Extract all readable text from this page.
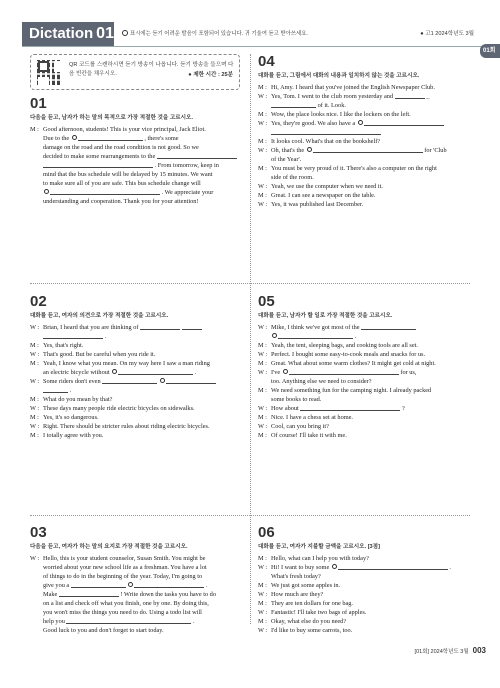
Dictation 01	표시에는 듣기 어려운 발음이 포함되어 있습니다. 귀 기울여 듣고 받아쓰세요.	● 고1 2024학년도 3월
01회
QR 코드를 스캔하시면 듣기 방송이 나옵니다. 듣기 방송을 들으며 다음 빈칸을 채우시오.	● 제한 시간 : 25분
01
다음을 듣고, 남자가 하는 말의 목적으로 가장 적절한 것을 고르시오.
M : Good afternoon, students! This is your vice principal, Jack Eliot.
Due to the	, there's some
damage on the road and the road condition is not good. So we
decided to make some rearrangements to the
. From tomorrow, keep in
mind that the bus schedule will be delayed by 15 minutes. We want
to make sure all of you are safe. This bus schedule change will
. We appreciate your
understanding and cooperation. Thank you for your attention!
04
대화를 듣고, 그림에서 대화의 내용과 일치하지 않는 것을 고르시오.
M : Hi, Amy. I heard that you've joined the English Newspaper Club.
W : Yes, Tom. I went to the club room yesterday and	_
of it. Look.
M : Wow, the place looks nice. I like the lockers on the left.
W : Yes, they're good. We also have a
M : It looks cool. What's that on the bookshelf?
W : Oh, that's the	for 'Club
of the Year'.
M : You must be very proud of it. There's also a computer on the right
side of the room.
W : Yeah, we use the computer when we need it.
M : Great. I can see a newspaper on the table.
W : Yes, it was published last December.
02
대화를 듣고, 여자의 의견으로 가장 적절한 것을 고르시오.
W : Brian, I heard that you are thinking of
.
M : Yes, that's right.
W : That's good. But be careful when you ride it.
M : Yeah, I know what you mean. On my way here I saw a man riding
an electric bicycle without	.
W : Some riders don't even
.
M : What do you mean by that?
W : These days many people ride electric bicycles on sidewalks.
M : Yes, it's so dangerous.
W : Right. There should be stricter rules about riding electric bicycles.
M : I totally agree with you.
05
대화를 듣고, 남자가 할 일로 가장 적절한 것을 고르시오.
W : Mike, I think we've got most of the
.
M : Yeah, the tent, sleeping bags, and cooking tools are all set.
W : Perfect. I bought some easy-to-cook meals and snacks for us.
M : Great. What about some warm clothes? It might get cold at night.
W : I've	for us,
too. Anything else we need to consider?
M : We need something fun for the camping night. I already packed
some books to read.
W : How about	?
M : Nice. I have a chess set at home.
W : Cool, can you bring it?
M : Of course! I'll take it with me.
03
다음을 듣고, 여자가 하는 말의 요지로 가장 적절한 것을 고르시오.
W : Hello, this is your student counselor, Susan Smith. You might be
worried about your new school life as a freshman. You have a lot
of things to do in the beginning of the year. Today, I'm going to
give you a	.
Make	! Write down the tasks you have to do
on a list and check off what you finish, one by one. By doing this,
you won't miss the things you need to do. Using a todo list will
help you	.
Good luck to you and don't forget to start today.
06
대화를 듣고, 여자가 지불할 금액을 고르시오. [3점]
M : Hello, what can I help you with today?
W : Hi! I want to buy some	.
What's fresh today?
M : We just got some apples in.
W : How much are they?
M : They are ten dollars for one bag.
W : Fantastic! I'll take two bags of apples.
M : Okay, what else do you need?
W : I'd like to buy some carrots, too.
[01회] 2024학년도 3월 003
